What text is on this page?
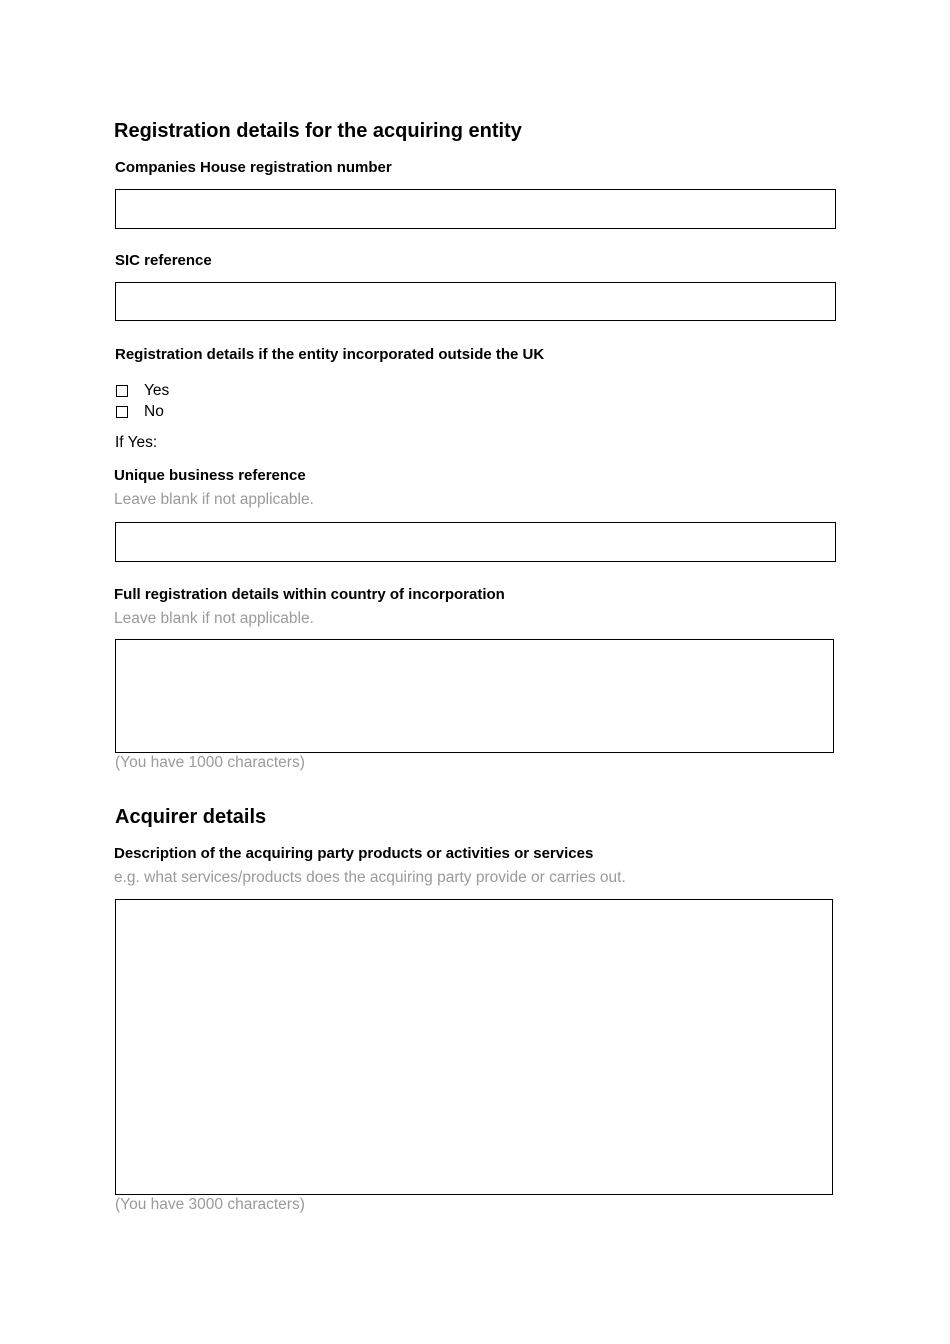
Registration details for the acquiring entity
Companies House registration number
SIC reference
Registration details if the entity incorporated outside the UK
Yes
No
If Yes:
Unique business reference
Leave blank if not applicable.
Full registration details within country of incorporation
Leave blank if not applicable.
(You have 1000 characters)
Acquirer details
Description of the acquiring party products or activities or services
e.g. what services/products does the acquiring party provide or carries out.
(You have 3000 characters)
